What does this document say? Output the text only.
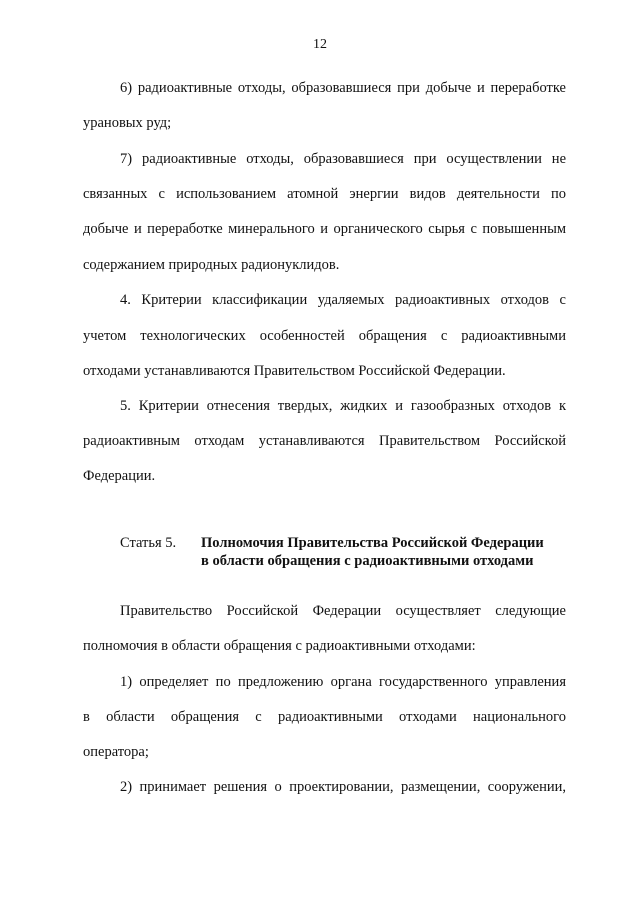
12
6) радиоактивные отходы, образовавшиеся при добыче и переработке
урановых руд;
7) радиоактивные отходы, образовавшиеся при осуществлении не
связанных с использованием атомной энергии видов деятельности по
добыче и переработке минерального и органического сырья с повышенным
содержанием природных радионуклидов.
4. Критерии классификации удаляемых радиоактивных отходов с
учетом технологических особенностей обращения с радиоактивными
отходами устанавливаются Правительством Российской Федерации.
5. Критерии отнесения твердых, жидких и газообразных отходов к
радиоактивным отходам устанавливаются Правительством Российской
Федерации.
Статья 5. Полномочия Правительства Российской Федерации
в области обращения с радиоактивными отходами
Правительство Российской Федерации осуществляет следующие
полномочия в области обращения с радиоактивными отходами:
1) определяет по предложению органа государственного управления
в области обращения с радиоактивными отходами национального
оператора;
2) принимает решения о проектировании, размещении, сооружении,
